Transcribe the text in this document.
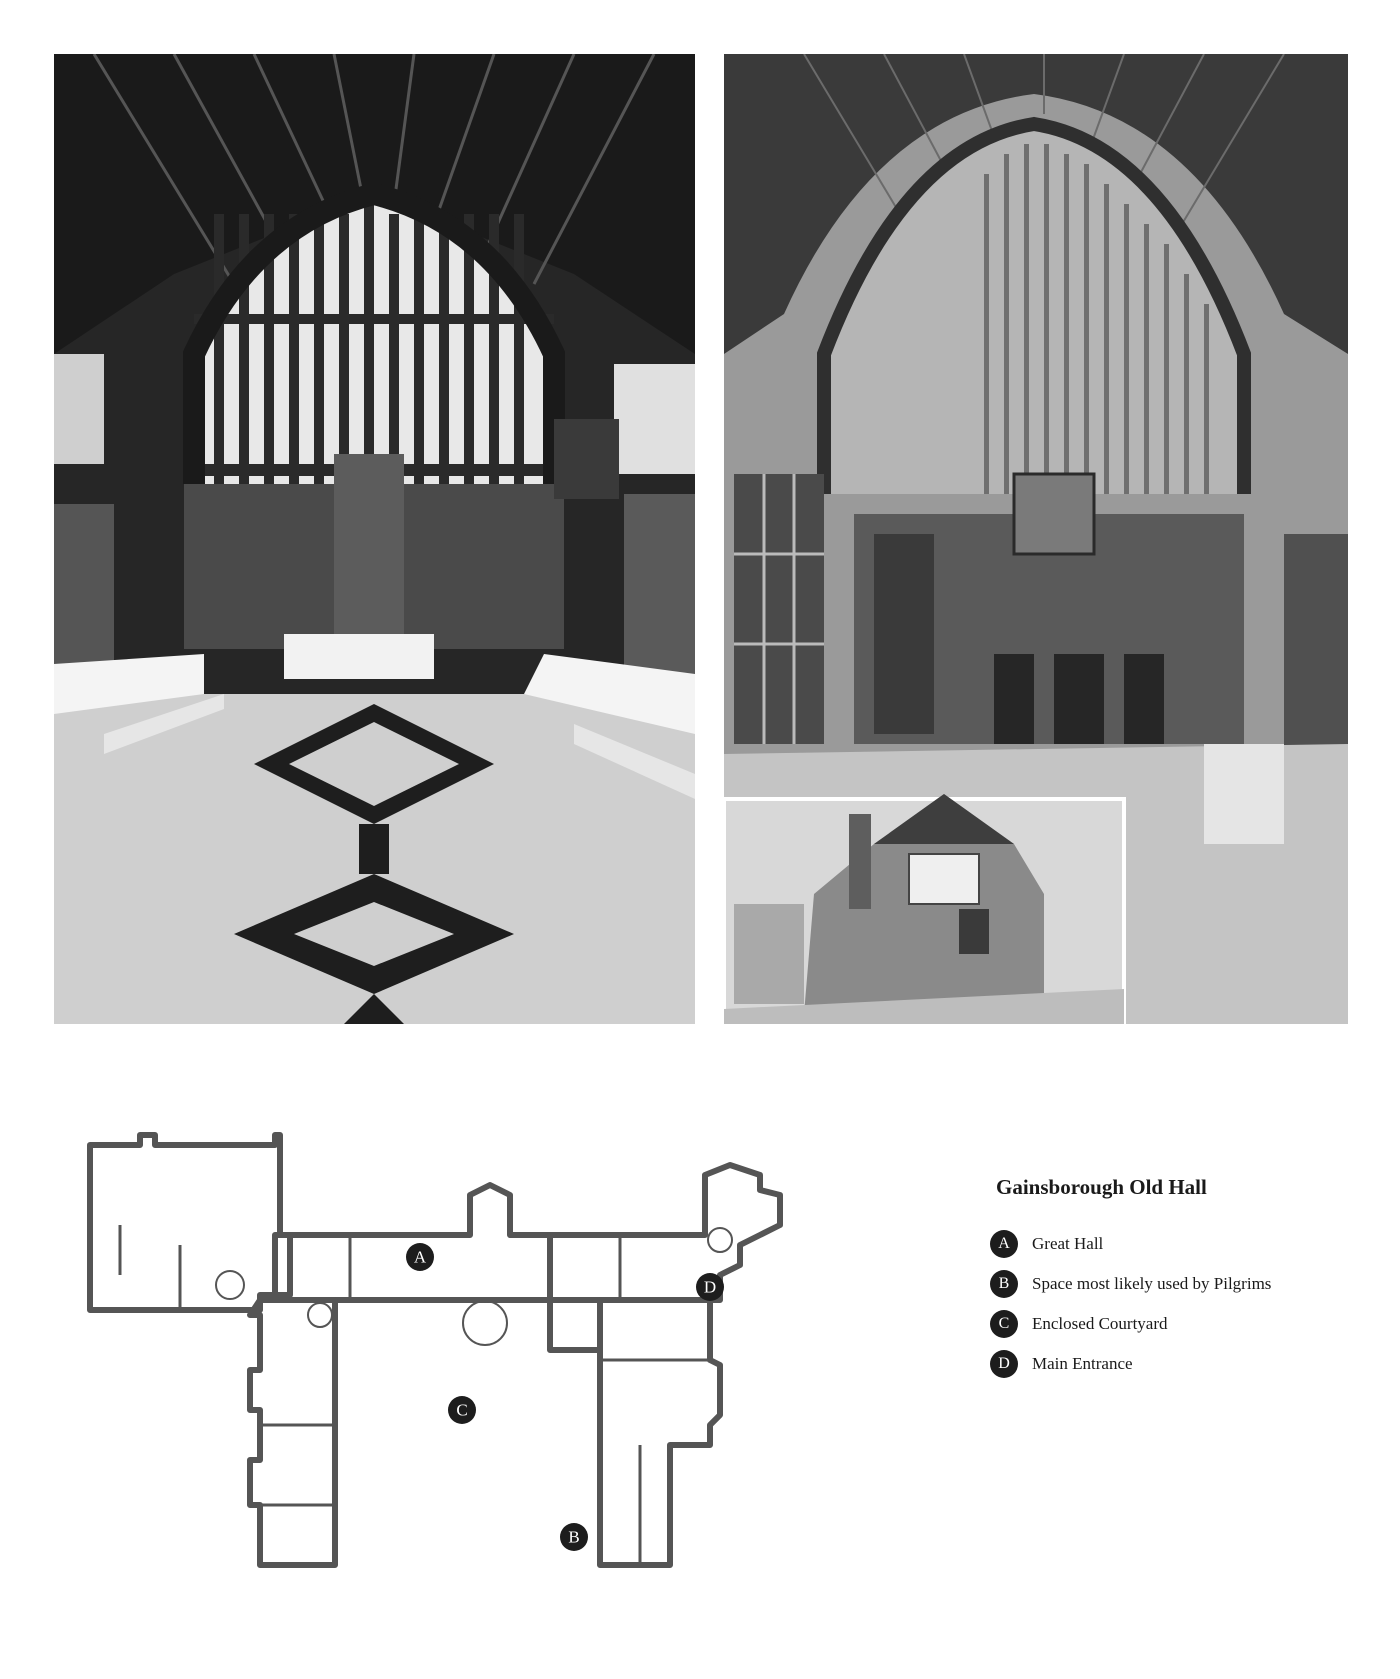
A
B
C
D
Gainsborough Old Hall
A	Great Hall
B	Space most likely used by Pilgrims
C	Enclosed Courtyard
D	Main Entrance
